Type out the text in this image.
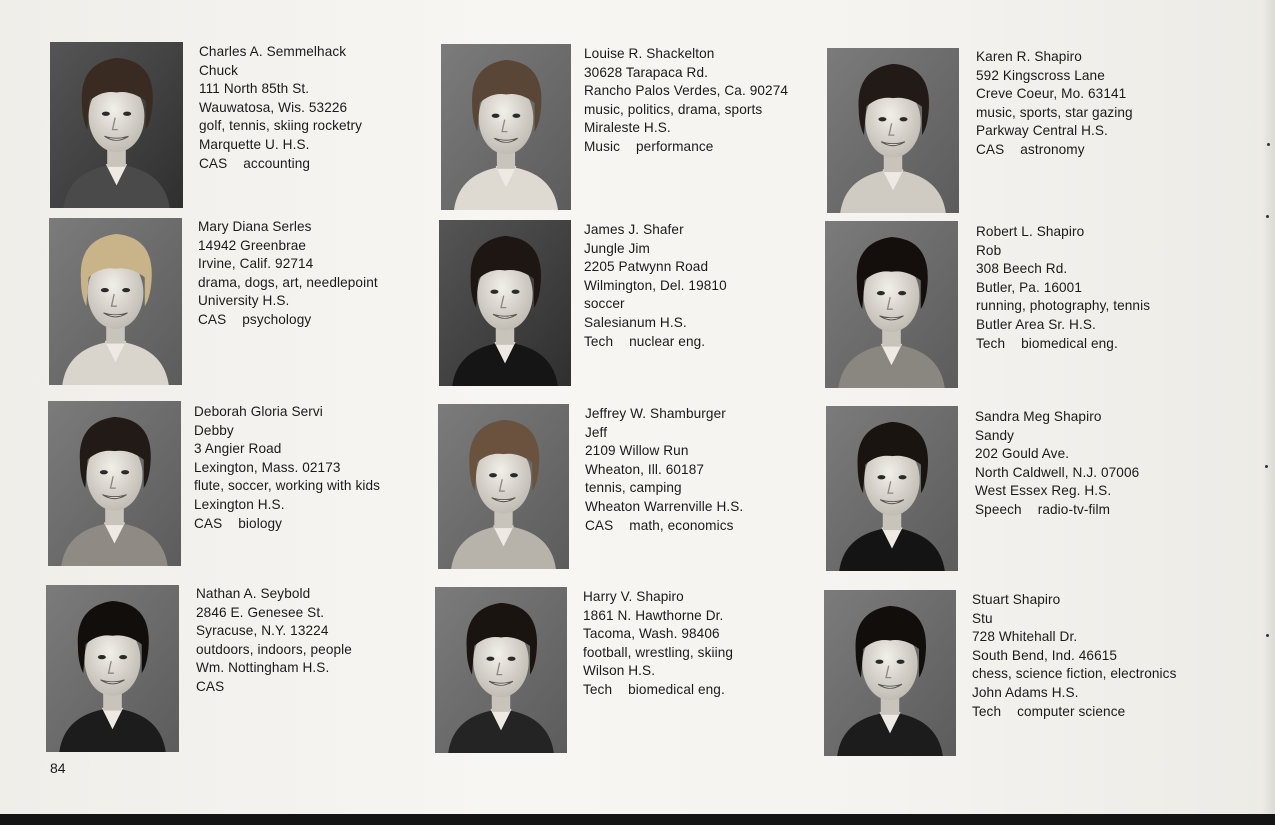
Charles A. Semmelhack
Chuck
111 North 85th St.
Wauwatosa, Wis. 53226
golf, tennis, skiing rocketry
Marquette U. H.S.
CAS accounting
Louise R. Shackelton
30628 Tarapaca Rd.
Rancho Palos Verdes, Ca. 90274
music, politics, drama, sports
Miraleste H.S.
Music performance
Karen R. Shapiro
592 Kingscross Lane
Creve Coeur, Mo. 63141
music, sports, star gazing
Parkway Central H.S.
CAS astronomy
Mary Diana Serles
14942 Greenbrae
Irvine, Calif. 92714
drama, dogs, art, needlepoint
University H.S.
CAS psychology
James J. Shafer
Jungle Jim
2205 Patwynn Road
Wilmington, Del. 19810
soccer
Salesianum H.S.
Tech nuclear eng.
Robert L. Shapiro
Rob
308 Beech Rd.
Butler, Pa. 16001
running, photography, tennis
Butler Area Sr. H.S.
Tech biomedical eng.
Deborah Gloria Servi
Debby
3 Angier Road
Lexington, Mass. 02173
flute, soccer, working with kids
Lexington H.S.
CAS biology
Jeffrey W. Shamburger
Jeff
2109 Willow Run
Wheaton, Ill. 60187
tennis, camping
Wheaton Warrenville H.S.
CAS math, economics
Sandra Meg Shapiro
Sandy
202 Gould Ave.
North Caldwell, N.J. 07006
West Essex Reg. H.S.
Speech radio-tv-film
Nathan A. Seybold
2846 E. Genesee St.
Syracuse, N.Y. 13224
outdoors, indoors, people
Wm. Nottingham H.S.
CAS
Harry V. Shapiro
1861 N. Hawthorne Dr.
Tacoma, Wash. 98406
football, wrestling, skiing
Wilson H.S.
Tech biomedical eng.
Stuart Shapiro
Stu
728 Whitehall Dr.
South Bend, Ind. 46615
chess, science fiction, electronics
John Adams H.S.
Tech computer science
84
